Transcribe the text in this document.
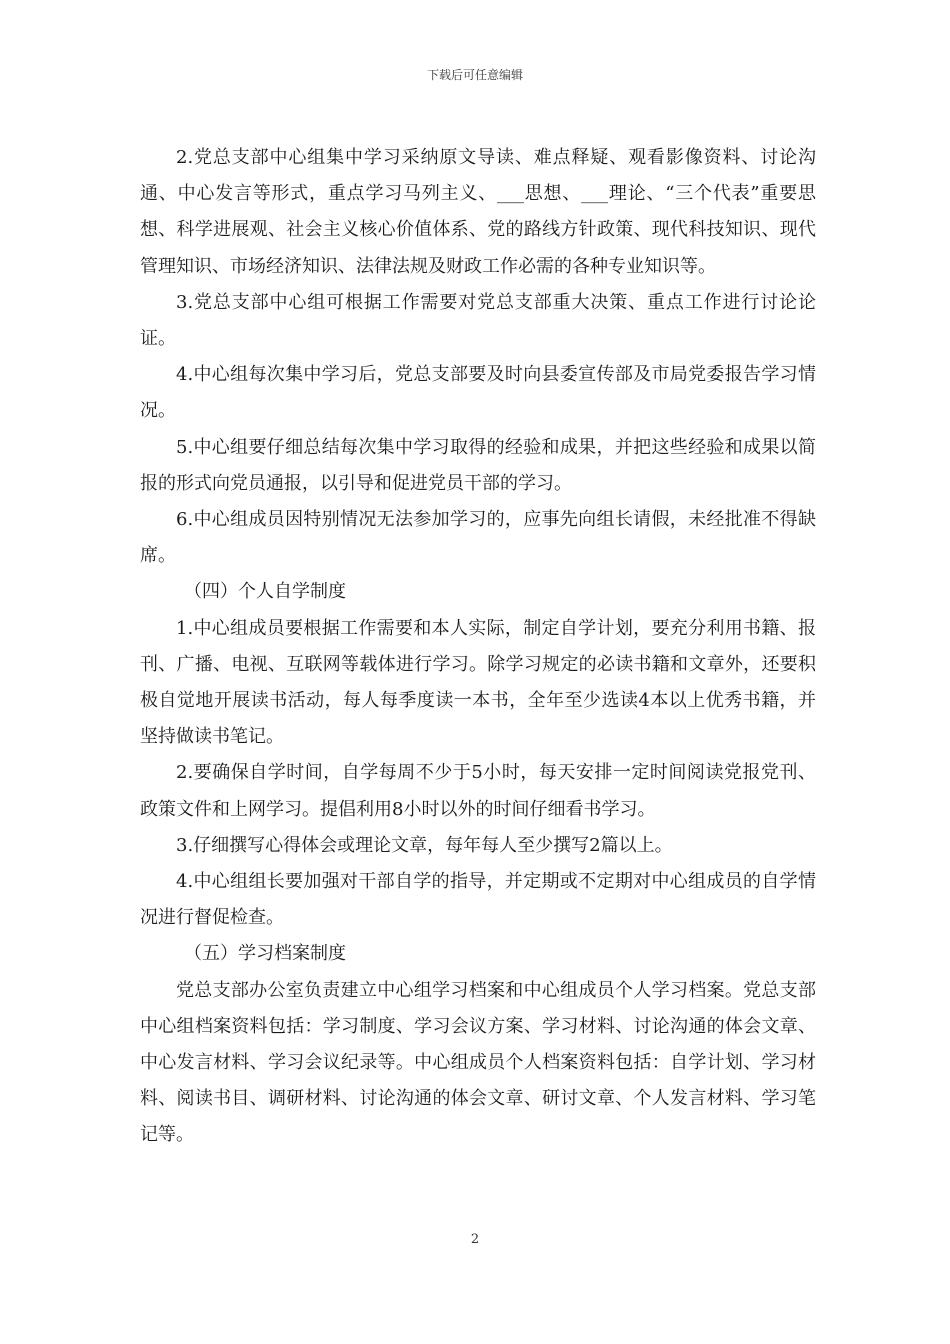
下载后可任意编辑

2.党总支部中心组集中学习采纳原文导读、难点释疑、观看影像资料、讨论沟通、中心发言等形式，重点学习马列主义、___思想、___理论、“三个代表”重要思想、科学进展观、社会主义核心价值体系、党的路线方针政策、现代科技知识、现代管理知识、市场经济知识、法律法规及财政工作必需的各种专业知识等。

3.党总支部中心组可根据工作需要对党总支部重大决策、重点工作进行讨论论证。

4.中心组每次集中学习后，党总支部要及时向县委宣传部及市局党委报告学习情况。

5.中心组要仔细总结每次集中学习取得的经验和成果，并把这些经验和成果以简报的形式向党员通报，以引导和促进党员干部的学习。

6.中心组成员因特别情况无法参加学习的，应事先向组长请假，未经批准不得缺席。

（四）个人自学制度

1.中心组成员要根据工作需要和本人实际，制定自学计划，要充分利用书籍、报刊、广播、电视、互联网等载体进行学习。除学习规定的必读书籍和文章外，还要积极自觉地开展读书活动，每人每季度读一本书，全年至少选读4本以上优秀书籍，并坚持做读书笔记。

2.要确保自学时间，自学每周不少于5小时，每天安排一定时间阅读党报党刊、政策文件和上网学习。提倡利用8小时以外的时间仔细看书学习。

3.仔细撰写心得体会或理论文章，每年每人至少撰写2篇以上。

4.中心组组长要加强对干部自学的指导，并定期或不定期对中心组成员的自学情况进行督促检查。

（五）学习档案制度

党总支部办公室负责建立中心组学习档案和中心组成员个人学习档案。党总支部中心组档案资料包括：学习制度、学习会议方案、学习材料、讨论沟通的体会文章、中心发言材料、学习会议纪录等。中心组成员个人档案资料包括：自学计划、学习材料、阅读书目、调研材料、讨论沟通的体会文章、研讨文章、个人发言材料、学习笔记等。

2
